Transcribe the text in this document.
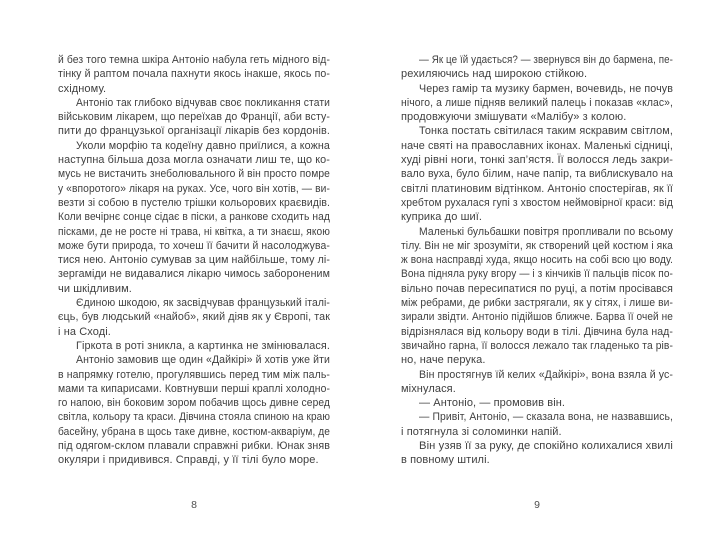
й без того темна шкіра Антоніо набула геть мідного від-
тінку й раптом почала пахнути якось інакше, якось по-
східному.
Антоніо так глибоко відчував своє покликання стати
військовим лікарем, що переїхав до Франції, аби всту-
пити до французької організації лікарів без кордонів.
Уколи морфію та кодеїну давно приїлися, а кожна
наступна більша доза могла означати лиш те, що ко-
мусь не вистачить знеболювального й він просто помре
у «впоротого» лікаря на руках. Усе, чого він хотів, — ви-
везти зі собою в пустелю трішки кольорових краєвидів.
Коли вечірнє сонце сідає в піски, а ранкове сходить над
пісками, де не росте ні трава, ні квітка, а ти знаєш, якою
може бути природа, то хочеш її бачити й насолоджува-
тися нею. Антоніо сумував за цим найбільше, тому лі-
зергаміди не видавалися лікарю чимось забороненим
чи шкідливим.
Єдиною шкодою, як засвідчував французький італі-
єць, був людський «найоб», який діяв як у Європі, так
і на Сході.
Гіркота в роті зникла, а картинка не змінювалася.
Антоніо замовив ще один «Дайкірі» й хотів уже йти
в напрямку готелю, прогулявшись перед тим між паль-
мами та кипарисами. Ковтнувши перші краплі холодно-
го напою, він боковим зором побачив щось дивне серед
світла, кольору та краси. Дівчина стояла спиною на краю
басейну, убрана в щось таке дивне, костюм-акваріум, де
під одягом-склом плавали справжні рибки. Юнак зняв
окуляри і придивився. Справді, у її тілі було море.
— Як це їй удається? — звернувся він до бармена, пе-
рехиляючись над широкою стійкою.
Через гамір та музику бармен, вочевидь, не почув
нічого, а лише підняв великий палець і показав «клас»,
продовжуючи змішувати «Малібу» з колою.
Тонка постать світилася таким яскравим світлом,
наче святі на православних іконах. Маленькі сідниці,
худі рівні ноги, тонкі зап’ястя. Її волосся ледь закри-
вало вуха, було білим, наче папір, та виблискувало на
світлі платиновим відтінком. Антоніо спостерігав, як її
хребтом рухалася гупі з хвостом неймовірної краси: від
куприка до шиї.
Маленькі бульбашки повітря пропливали по всьому
тілу. Він не міг зрозуміти, як створений цей костюм і яка
ж вона насправді худа, якщо носить на собі всю цю воду.
Вона підняла руку вгору — і з кінчиків її пальців пісок по-
вільно почав пересипатися по руці, а потім просівався
між ребрами, де рибки застрягали, як у сітях, і лише ви-
зирали звідти. Антоніо підійшов ближче. Барва її очей не
відрізнялася від кольору води в тілі. Дівчина була над-
звичайно гарна, її волосся лежало так гладенько та рів-
но, наче перука.
Він простягнув їй келих «Дайкірі», вона взяла й ус-
міхнулася.
— Антоніо, — промовив він.
— Привіт, Антоніо, — сказала вона, не назвавшись,
і потягнула зі соломинки напій.
Він узяв її за руку, де спокійно колихалися хвилі
в повному штилі.
8	9
